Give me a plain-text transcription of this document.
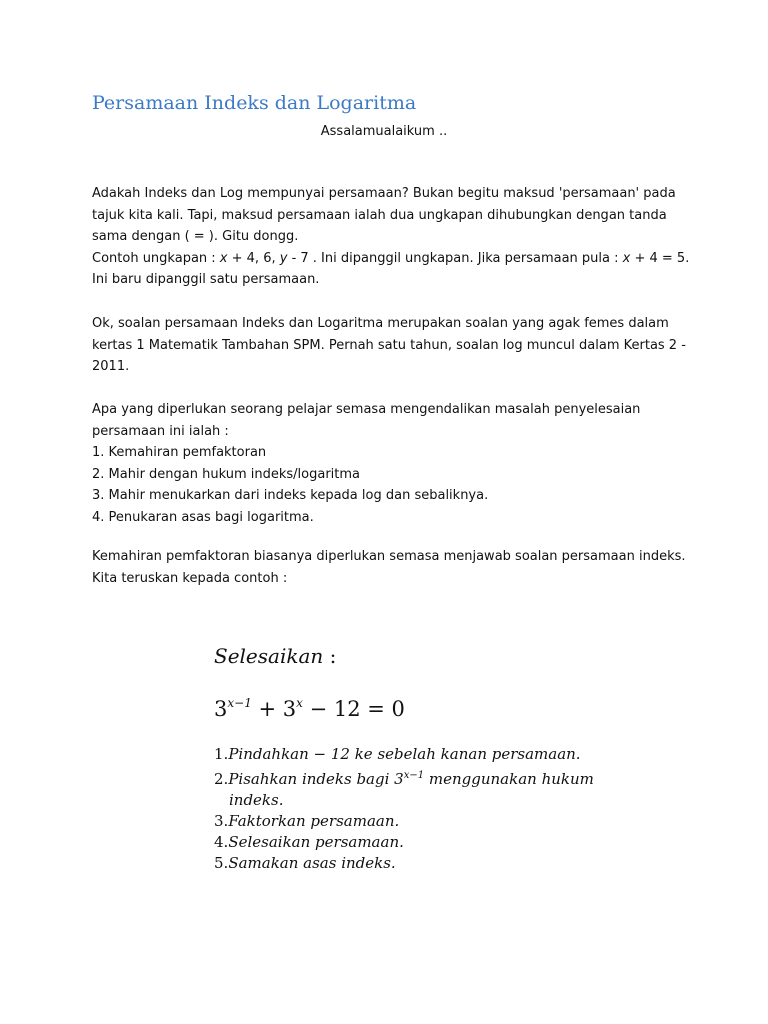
Persamaan Indeks dan Logaritma
Assalamualaikum ..

Adakah Indeks dan Log mempunyai persamaan? Bukan begitu maksud 'persamaan' pada tajuk kita kali. Tapi, maksud persamaan ialah dua ungkapan dihubungkan dengan tanda sama dengan ( = ). Gitu dongg.

Contoh ungkapan : x + 4, 6, y - 7 . Ini dipanggil ungkapan. Jika persamaan pula : x + 4 = 5.

Ini baru dipanggil satu persamaan.

Ok, soalan persamaan Indeks dan Logaritma merupakan soalan yang agak femes dalam kertas 1 Matematik Tambahan SPM. Pernah satu tahun, soalan log muncul dalam Kertas 2 - 2011.

Apa yang diperlukan seorang pelajar semasa mengendalikan masalah penyelesaian persamaan ini ialah :

1. Kemahiran pemfaktoran
2. Mahir dengan hukum indeks/logaritma
3. Mahir menukarkan dari indeks kepada log dan sebaliknya.
4. Penukaran asas bagi logaritma.

Kemahiran pemfaktoran biasanya diperlukan semasa menjawab soalan persamaan indeks.

Kita teruskan kepada contoh :

Selesaikan :
$3^{x-1} + 3^x - 12 = 0$
1.Pindahkan − 12 ke sebelah kanan persamaan.
2.Pisahkan indeks bagi $3^{x-1}$ menggunakan hukum indeks.
3.Faktorkan persamaan.
4.Selesaikan persamaan.
5.Samakan asas indeks.
